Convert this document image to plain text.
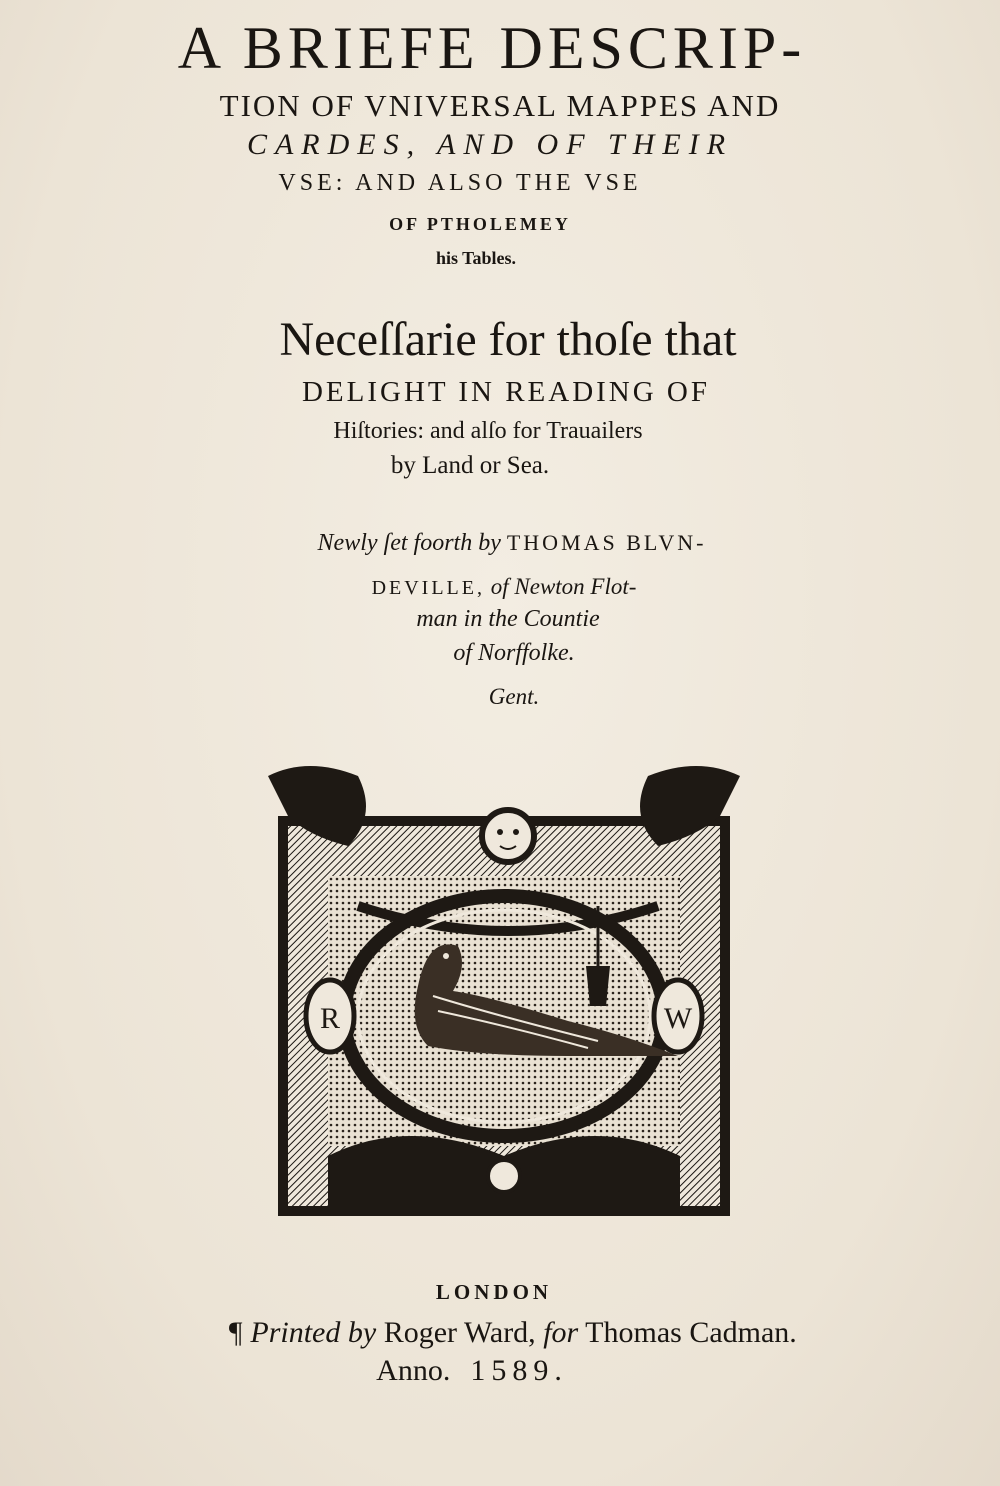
A BRIEFE DESCRIP-
TION OF VNIVERSAL MAPPES AND
CARDES, AND OF THEIR
VSE: AND ALSO THE VSE
OF PTHOLEMEY
his Tables.
Neceſſarie for thoſe that
DELIGHT IN READING OF
Hiſtories: and alſo for Trauailers
by Land or Sea.
Newly ſet foorth by THOMAS BLVN-
DEVILLE, of Newton Flot-
man in the Countie
of Norffolke.
Gent.
R	W
LONDON
¶ Printed by Roger Ward, for Thomas Cadman.
Anno. 1589.
